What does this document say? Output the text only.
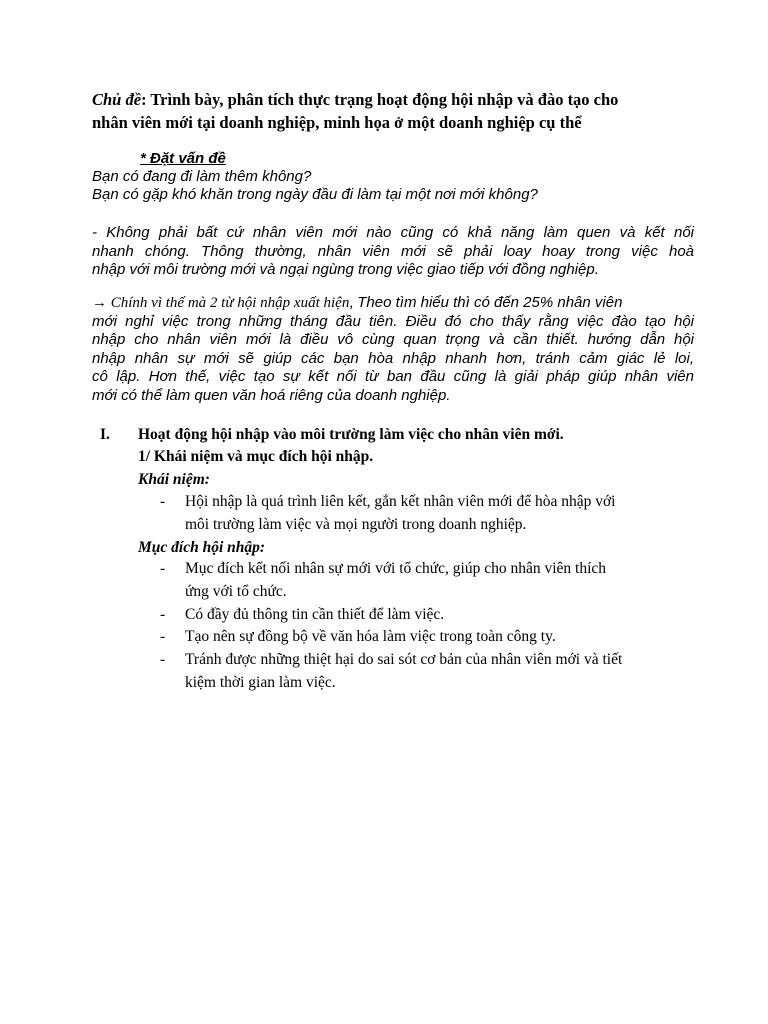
Chủ đề: Trình bày, phân tích thực trạng hoạt động hội nhập và đào tạo cho
nhân viên mới tại doanh nghiệp, minh họa ở một doanh nghiệp cụ thể
* Đặt vấn đề
Bạn có đang đi làm thêm không?
Bạn có gặp khó khăn trong ngày đầu đi làm tại một nơi mới không?
- Không phải bất cứ nhân viên mới nào cũng có khả năng làm quen và kết nối
nhanh chóng. Thông thường, nhân viên mới sẽ phải loay hoay trong việc hoà
nhập với môi trường mới và ngại ngùng trong việc giao tiếp với đồng nghiệp.
→ Chính vì thế mà 2 từ hội nhập xuất hiện, Theo tìm hiểu thì có đến 25% nhân viên
mới nghỉ việc trong những tháng đầu tiên. Điều đó cho thấy rằng việc đào tạo hội
nhập cho nhân viên mới là điều vô cùng quan trọng và cần thiết. hướng dẫn hội
nhập nhân sự mới sẽ giúp các bạn hòa nhập nhanh hơn, tránh cảm giác lẻ loi,
cô lập. Hơn thế, việc tạo sự kết nối từ ban đầu cũng là giải pháp giúp nhân viên
mới có thể làm quen văn hoá riêng của doanh nghiệp.
I. Hoạt động hội nhập vào môi trường làm việc cho nhân viên mới.
1/ Khái niệm và mục đích hội nhập.
Khái niệm:
- Hội nhập là quá trình liên kết, gắn kết nhân viên mới để hòa nhập với
môi trường làm việc và mọi người trong doanh nghiệp.
Mục đích hội nhập:
- Mục đích kết nối nhân sự mới với tổ chức, giúp cho nhân viên thích
ứng với tổ chức.
- Có đầy đủ thông tin cần thiết để làm việc.
- Tạo nên sự đồng bộ về văn hóa làm việc trong toàn công ty.
- Tránh được những thiệt hại do sai sót cơ bản của nhân viên mới và tiết
kiệm thời gian làm việc.
